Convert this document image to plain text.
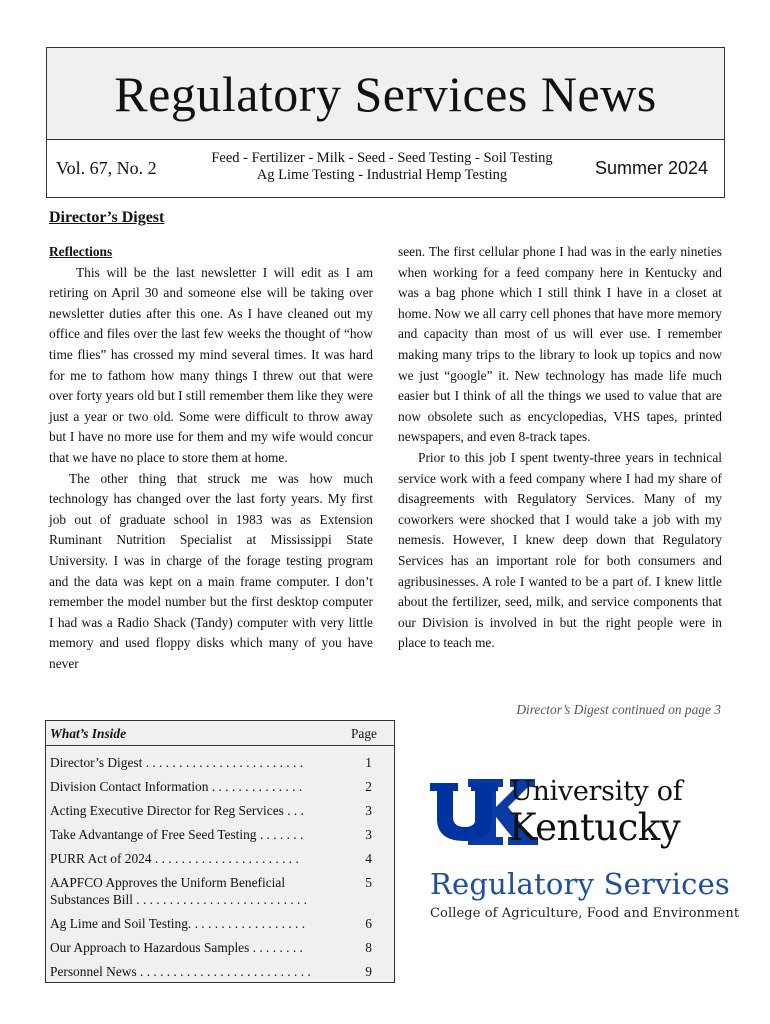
Regulatory Services News
Vol. 67, No. 2	Feed - Fertilizer - Milk - Seed - Seed Testing - Soil Testing
Ag Lime Testing - Industrial Hemp Testing	Summer 2024
Director’s Digest
Reflections

This will be the last newsletter I will edit as I am retiring on April 30 and someone else will be taking over newsletter duties after this one. As I have cleaned out my office and files over the last few weeks the thought of “how time flies” has crossed my mind several times. It was hard for me to fathom how many things I threw out that were over forty years old but I still remember them like they were just a year or two old. Some were difficult to throw away but I have no more use for them and my wife would concur that we have no place to store them at home.

The other thing that struck me was how much technology has changed over the last forty years. My first job out of graduate school in 1983 was as Extension Ruminant Nutrition Specialist at Mississippi State University. I was in charge of the forage testing program and the data was kept on a main frame computer. I don’t remember the model number but the first desktop computer I had was a Radio Shack (Tandy) computer with very little memory and used floppy disks which many of you have never

seen. The first cellular phone I had was in the early nineties when working for a feed company here in Kentucky and was a bag phone which I still think I have in a closet at home. Now we all carry cell phones that have more memory and capacity than most of us will ever use. I remember making many trips to the library to look up topics and now we just “google” it. New technology has made life much easier but I think of all the things we used to value that are now obsolete such as encyclopedias, VHS tapes, printed newspapers, and even 8-track tapes.

Prior to this job I spent twenty-three years in technical service work with a feed company where I had my share of disagreements with Regulatory Services. Many of my coworkers were shocked that I would take a job with my nemesis. However, I knew deep down that Regulatory Services has an important role for both consumers and agribusinesses. A role I wanted to be a part of. I knew little about the fertilizer, seed, milk, and service components that our Division is involved in but the right people were in place to teach me.

Director’s Digest continued on page 3
What’s Inside	Page
Director’s Digest . . . . . . . . . . . . . . . . . . . . . . . .	1
Division Contact Information . . . . . . . . . . . . . .	2
Acting Executive Director for Reg Services . . .	3
Take Advantange of Free Seed Testing . . . . . . .	3
PURR Act of 2024 . . . . . . . . . . . . . . . . . . . . . .	4
AAPFCO Approves the Uniform Beneficial
Substances Bill . . . . . . . . . . . . . . . . . . . . . . . . . .
5
Ag Lime and Soil Testing. . . . . . . . . . . . . . . . . .	6
Our Approach to Hazardous Samples . . . . . . . .	8
Personnel News . . . . . . . . . . . . . . . . . . . . . . . . . .	9
University of
Kentucky
Regulatory Services
College of Agriculture, Food and Environment
